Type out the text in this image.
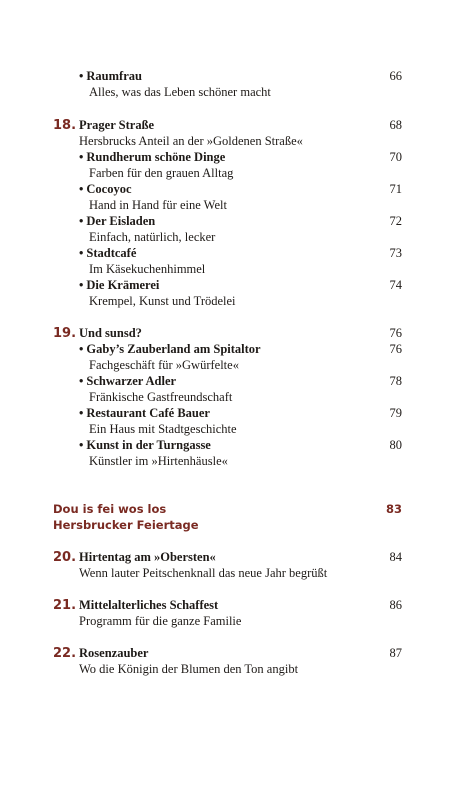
• Raumfrau	66
Alles, was das Leben schöner macht
18. Prager Straße	68
Hersbrucks Anteil an der »Goldenen Straße«
• Rundherum schöne Dinge	70
Farben für den grauen Alltag
• Cocoyoc	71
Hand in Hand für eine Welt
• Der Eisladen	72
Einfach, natürlich, lecker
• Stadtcafé	73
Im Käsekuchenhimmel
• Die Krämerei	74
Krempel, Kunst und Trödelei
19. Und sunsd?	76
• Gaby’s Zauberland am Spitaltor	76
Fachgeschäft für »Gwürfelte«
• Schwarzer Adler	78
Fränkische Gastfreundschaft
• Restaurant Café Bauer	79
Ein Haus mit Stadtgeschichte
• Kunst in der Turngasse	80
Künstler im »Hirtenhäusle«
Dou is fei wos los	83
Hersbrucker Feiertage
20. Hirtentag am »Obersten«	84
Wenn lauter Peitschenknall das neue Jahr begrüßt
21. Mittelalterliches Schaffest	86
Programm für die ganze Familie
22. Rosenzauber	87
Wo die Königin der Blumen den Ton angibt
